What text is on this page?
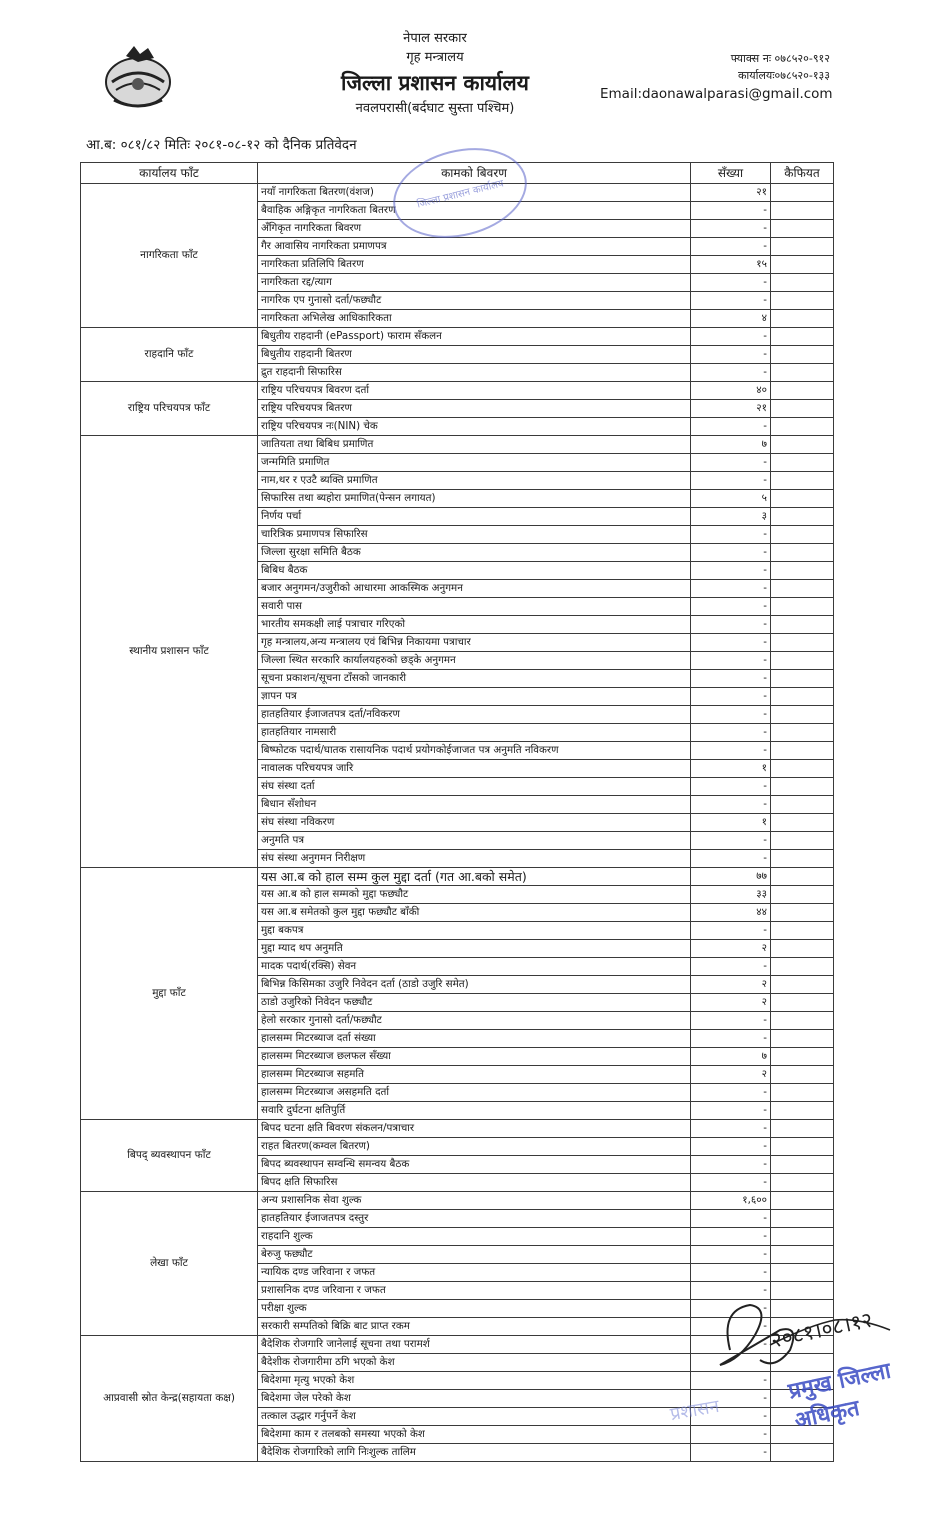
नेपाल सरकार
गृह मन्त्रालय
जिल्ला प्रशासन कार्यालय
नवलपरासी(बर्दघाट सुस्ता पश्चिम)
फ्याक्स नः ०७८५२०-९१२
कार्यालयः०७८५२०-१३३
Email:daonawalparasi@gmail.com
आ.ब: ०८१/८२ मितिः २०८१-०८-१२ को दैनिक प्रतिवेदन
कार्यालय फाँट	कामको बिवरण	सँख्या	कैफियत
नागरिकता फाँट	नयाँ नागरिकता बितरण(वंशज)	२१	
	बैवाहिक अङ्गिकृत नागरिकता बितरण	-	
	अँगिकृत नागरिकता बिवरण	-	
	गैर आवासिय नागरिकता प्रमाणपत्र	-	
	नागरिकता प्रतिलिपि बितरण	१५	
	नागरिकता रद्द/त्याग	-	
	नागरिक एप गुनासो दर्ता/फछ्यौट	-	
	नागरिकता अभिलेख आधिकारिकता	४	
राहदानि फाँट	बिधुतीय राहदानी (ePassport) फाराम सँकलन	-	
	बिधुतीय राहदानी बितरण	-	
	द्रुत राहदानी सिफारिस	-	
राष्ट्रिय परिचयपत्र फाँट	राष्ट्रिय परिचयपत्र बिवरण दर्ता	४०	
	राष्ट्रिय परिचयपत्र बितरण	२१	
	राष्ट्रिय परिचयपत्र नः(NIN) चेक	-	
स्थानीय प्रशासन फाँट	जातियता तथा बिबिध प्रमाणित	७	
	जन्ममिति प्रमाणित	-	
	नाम,थर र एउटै ब्यक्ति प्रमाणित	-	
	सिफारिस तथा ब्यहोरा प्रमाणित(पेन्सन लगायत)	५	
	निर्णय पर्चा	३	
	चारित्रिक प्रमाणपत्र सिफारिस	-	
	जिल्ला सुरक्षा समिति बैठक	-	
	बिबिध बैठक	-	
	बजार अनुगमन/उजुरीको आधारमा आकस्मिक अनुगमन	-	
	सवारी पास	-	
	भारतीय समकक्षी लाई पत्राचार गरिएको	-	
	गृह मन्त्रालय,अन्य मन्त्रालय एवं बिभिन्न निकायमा पत्राचार	-	
	जिल्ला स्थित सरकारि कार्यालयहरुको छड्के अनुगमन	-	
	सूचना प्रकाशन/सूचना टाँसको जानकारी	-	
	ज्ञापन पत्र	-	
	हातहतियार ईजाजतपत्र दर्ता/नविकरण	-	
	हातहतियार नामसारी	-	
	बिष्फोटक पदार्थ/घातक रासायनिक पदार्थ प्रयोगकोईजाजत पत्र अनुमति नविकरण	-	
	नावालक परिचयपत्र जारि	१	
	संघ संस्था दर्ता	-	
	बिधान सँशोधन	-	
	संघ संस्था नविकरण	१	
	अनुमति पत्र	-	
	संघ संस्था अनुगमन निरीक्षण	-	
मुद्दा फाँट	यस आ.ब को हाल सम्म कुल मुद्दा दर्ता (गत आ.बको समेत)	७७	
	यस आ.ब को हाल सम्मको मुद्दा फछ्यौट	३३	
	यस आ.ब समेतको कुल मुद्दा फछ्यौट बाँकी	४४	
	मुद्दा बकपत्र	-	
	मुद्दा म्याद थप अनुमति	२	
	मादक पदार्थ(रक्सि) सेवन	-	
	बिभिन्न किसिमका उजुरि निवेदन दर्ता (ठाडो उजुरि समेत)	२	
	ठाडो उजुरिको निवेदन फछ्यौट	२	
	हेलो सरकार गुनासो दर्ता/फछ्यौट	-	
	हालसम्म मिटरब्याज दर्ता संख्या	-	
	हालसम्म मिटरब्याज छलफल सँख्या	७	
	हालसम्म मिटरब्याज सहमति	२	
	हालसम्म मिटरब्याज असहमति दर्ता	-	
	सवारि दुर्घटना क्षतिपुर्ति	-	
बिपद् ब्यवस्थापन फाँट	बिपद घटना क्षति बिवरण संकलन/पत्राचार	-	
	राहत बितरण(कम्वल बितरण)	-	
	बिपद ब्यवस्थापन सम्वन्धि समन्वय बैठक	-	
	बिपद क्षति सिफारिस	-	
लेखा फाँट	अन्य प्रशासनिक सेवा शुल्क	१,६००	
	हातहतियार ईजाजतपत्र दस्तुर	-	
	राहदानि शुल्क	-	
	बेरुजु फछ्यौट	-	
	न्यायिक दण्ड जरिवाना र जफत	-	
	प्रशासनिक दण्ड जरिवाना र जफत	-	
	परीक्षा शुल्क	-	
	सरकारी सम्पतिको बिक्रि बाट प्राप्त रकम	-	
आप्रवासी स्रोत केन्द्र(सहायता कक्ष)	बैदेशिक रोजगारि जानेलाई सूचना तथा परामर्श	-	
	बैदेशीक रोजगारीमा ठगि भएको केश	-	
	बिदेशमा मृत्यु भएको केश	-	
	बिदेशमा जेल परेको केश	-	
	तत्काल उद्धार गर्नुपर्ने केश	-	
	बिदेशमा काम र तलबको समस्या भएको केश	-	
	बैदेशिक रोजगारिको लागि निःशुल्क तालिम	-	
जिल्ला प्रशासन कार्यालय
२०८१।०८।१२
प्रमुख जिल्ला अधिकृत
प्रशासन
